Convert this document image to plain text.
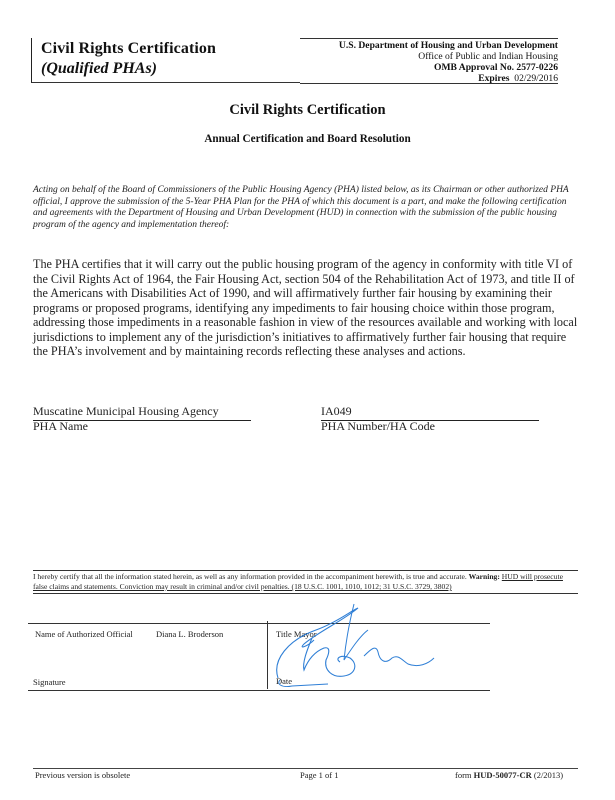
Civil Rights Certification
(Qualified PHAs)
U.S. Department of Housing and Urban Development
Office of Public and Indian Housing
OMB Approval No. 2577-0226
Expires 02/29/2016
Civil Rights Certification
Annual Certification and Board Resolution
Acting on behalf of the Board of Commissioners of the Public Housing Agency (PHA) listed below, as its Chairman or other authorized PHA official, I approve the submission of the 5-Year PHA Plan for the PHA of which this document is a part, and make the following certification and agreements with the Department of Housing and Urban Development (HUD) in connection with the submission of the public housing program of the agency and implementation thereof:
The PHA certifies that it will carry out the public housing program of the agency in conformity with title VI of the Civil Rights Act of 1964, the Fair Housing Act, section 504 of the Rehabilitation Act of 1973, and title II of the Americans with Disabilities Act of 1990, and will affirmatively further fair housing by examining their programs or proposed programs, identifying any impediments to fair housing choice within those program, addressing those impediments in a reasonable fashion in view of the resources available and working with local jurisdictions to implement any of the jurisdiction’s initiatives to affirmatively further fair housing that require the PHA’s involvement and by maintaining records reflecting these analyses and actions.
Muscatine Municipal Housing Agency
PHA Name
IA049
PHA Number/HA Code
I hereby certify that all the information stated herein, as well as any information provided in the accompaniment herewith, is true and accurate. Warning: HUD will prosecute false claims and statements. Conviction may result in criminal and/or civil penalties. (18 U.S.C. 1001, 1010, 1012; 31 U.S.C. 3729, 3802)
Name of Authorized Official	Diana L. Broderson
Signature
Title Mayor
Date
Previous version is obsolete	Page 1 of 1	form HUD-50077-CR (2/2013)
